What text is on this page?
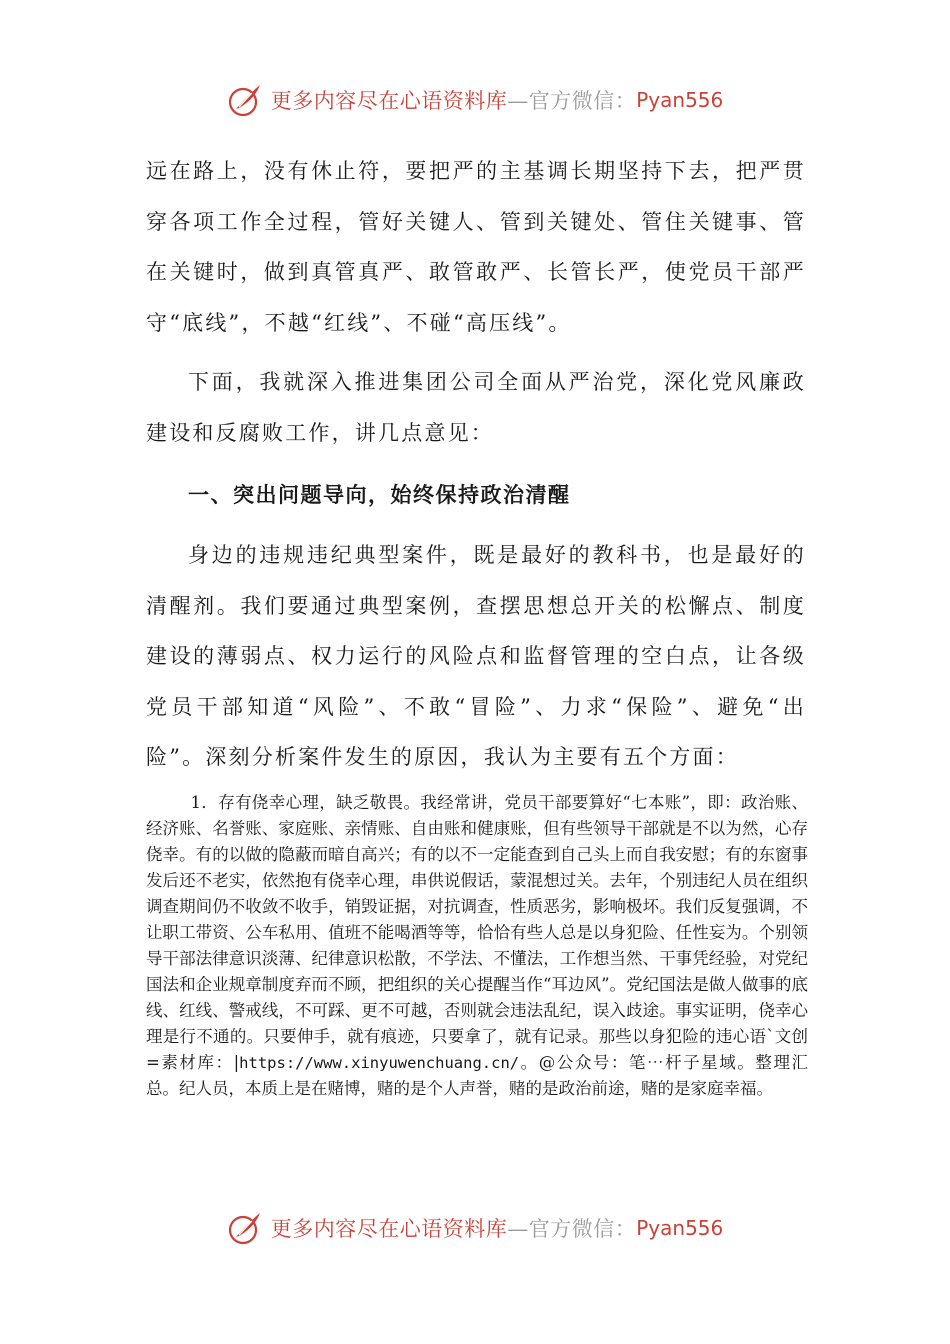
更多内容尽在心语资料库 —官方微信： Pyan556

远在路上，没有休止符，要把严的主基调长期坚持下去，把严贯穿各项工作全过程，管好关键人、管到关键处、管住关键事、管在关键时，做到真管真严、敢管敢严、长管长严，使党员干部严守“底线”，不越“红线”、不碰“高压线”。

下面，我就深入推进集团公司全面从严治党，深化党风廉政建设和反腐败工作，讲几点意见：

一、突出问题导向，始终保持政治清醒

身边的违规违纪典型案件，既是最好的教科书，也是最好的清醒剂。我们要通过典型案例，查摆思想总开关的松懈点、制度建设的薄弱点、权力运行的风险点和监督管理的空白点，让各级党员干部知道“风险”、不敢“冒险”、力求“保险”、避免“出险”。深刻分析案件发生的原因，我认为主要有五个方面：

1．存有侥幸心理，缺乏敬畏。我经常讲，党员干部要算好“七本账”，即：政治账、经济账、名誉账、家庭账、亲情账、自由账和健康账，但有些领导干部就是不以为然，心存侥幸。有的以做的隐蔽而暗自高兴；有的以不一定能查到自己头上而自我安慰；有的东窗事发后还不老实，依然抱有侥幸心理，串供说假话，蒙混想过关。去年，个别违纪人员在组织调查期间仍不收敛不收手，销毁证据，对抗调查，性质恶劣，影响极坏。我们反复强调，不让职工带资、公车私用、值班不能喝酒等等，恰恰有些人总是以身犯险、任性妄为。个别领导干部法律意识淡薄、纪律意识松散，不学法、不懂法，工作想当然、干事凭经验，对党纪国法和企业规章制度弃而不顾，把组织的关心提醒当作“耳边风”。党纪国法是做人做事的底线、红线、警戒线，不可踩、更不可越，否则就会违法乱纪，误入歧途。事实证明，侥幸心理是行不通的。只要伸手，就有痕迹，只要拿了，就有记录。那些以身犯险的违心语`文创=素材库：|https://www.xinyuwenchuang.cn/。@公众号：笔⋯杆子星域。整理汇总。纪人员，本质上是在赌博，赌的是个人声誉，赌的是政治前途，赌的是家庭幸福。

更多内容尽在心语资料库 —官方微信： Pyan556
